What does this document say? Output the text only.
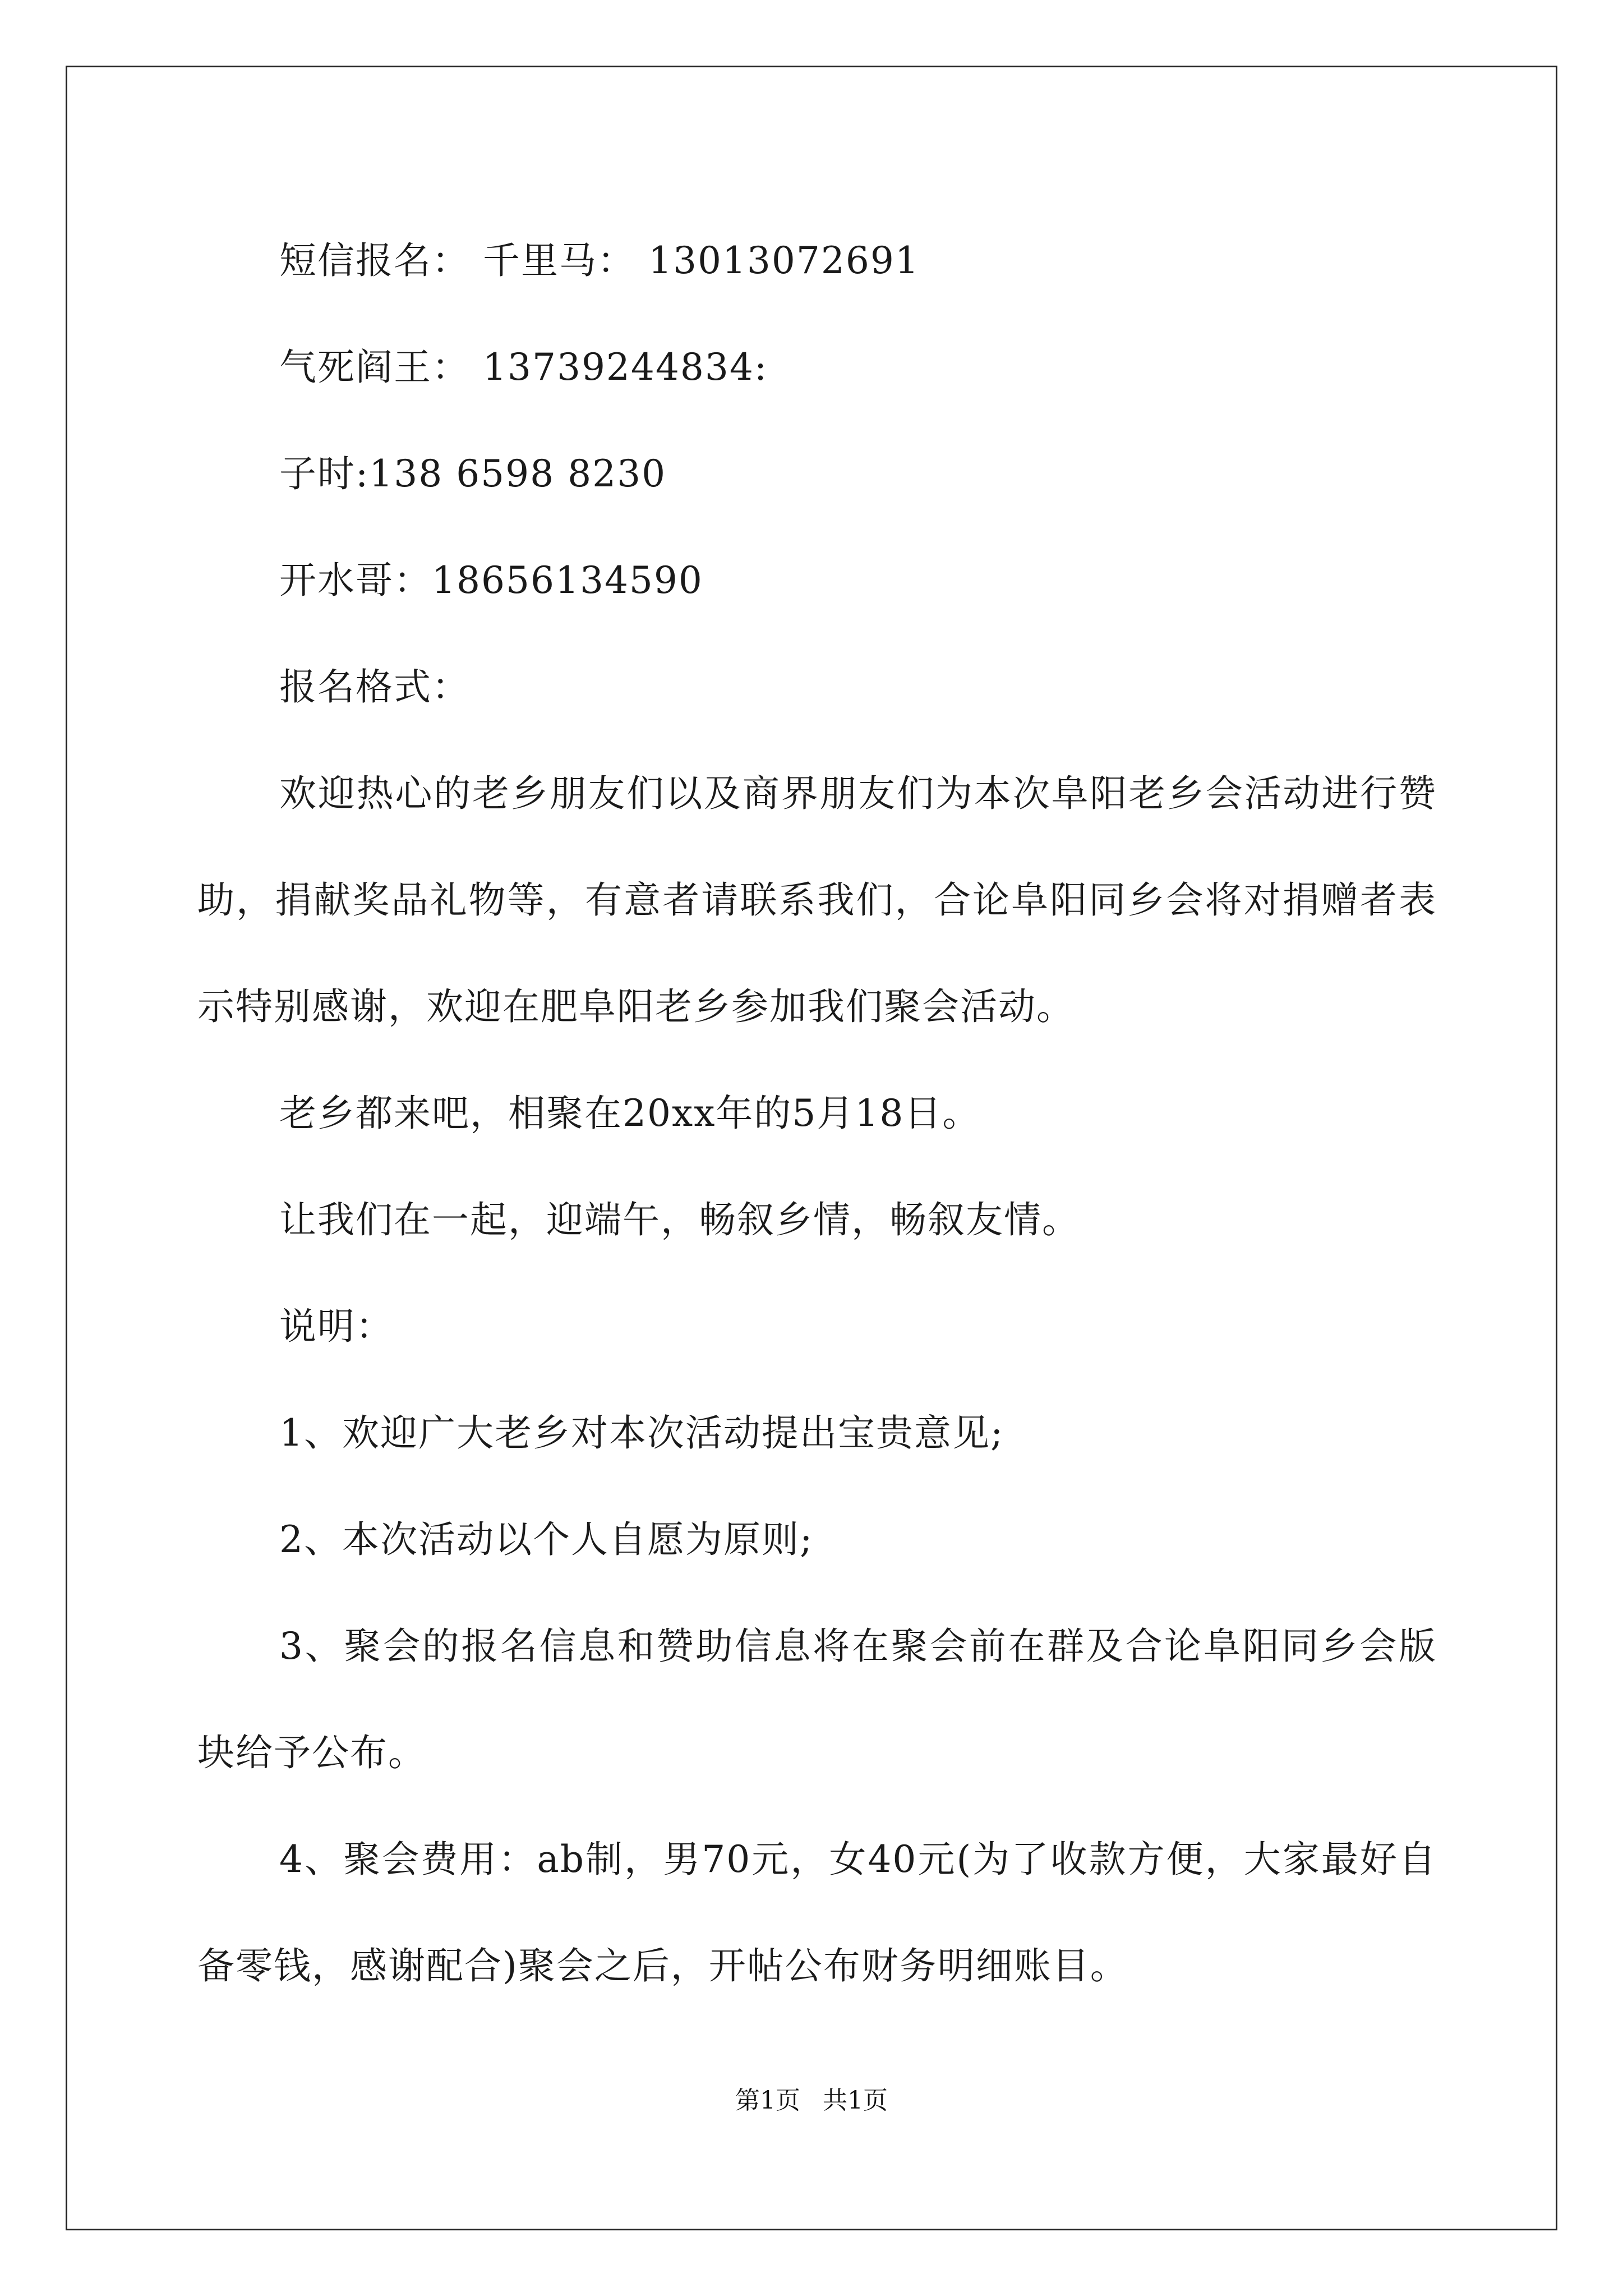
短信报名： 千里马： 13013072691

气死阎王： 13739244834:

子时:138 6598 8230

开水哥：18656134590

报名格式：

欢迎热心的老乡朋友们以及商界朋友们为本次阜阳老乡会活动进行赞助，捐献奖品礼物等，有意者请联系我们，合论阜阳同乡会将对捐赠者表示特别感谢，欢迎在肥阜阳老乡参加我们聚会活动。

老乡都来吧，相聚在20xx年的5月18日。

让我们在一起，迎端午，畅叙乡情，畅叙友情。

说明：

1、欢迎广大老乡对本次活动提出宝贵意见;

2、本次活动以个人自愿为原则;

3、聚会的报名信息和赞助信息将在聚会前在群及合论阜阳同乡会版块给予公布。

4、聚会费用：ab制，男70元，女40元(为了收款方便，大家最好自备零钱，感谢配合)聚会之后，开帖公布财务明细账目。

第1页 共1页
